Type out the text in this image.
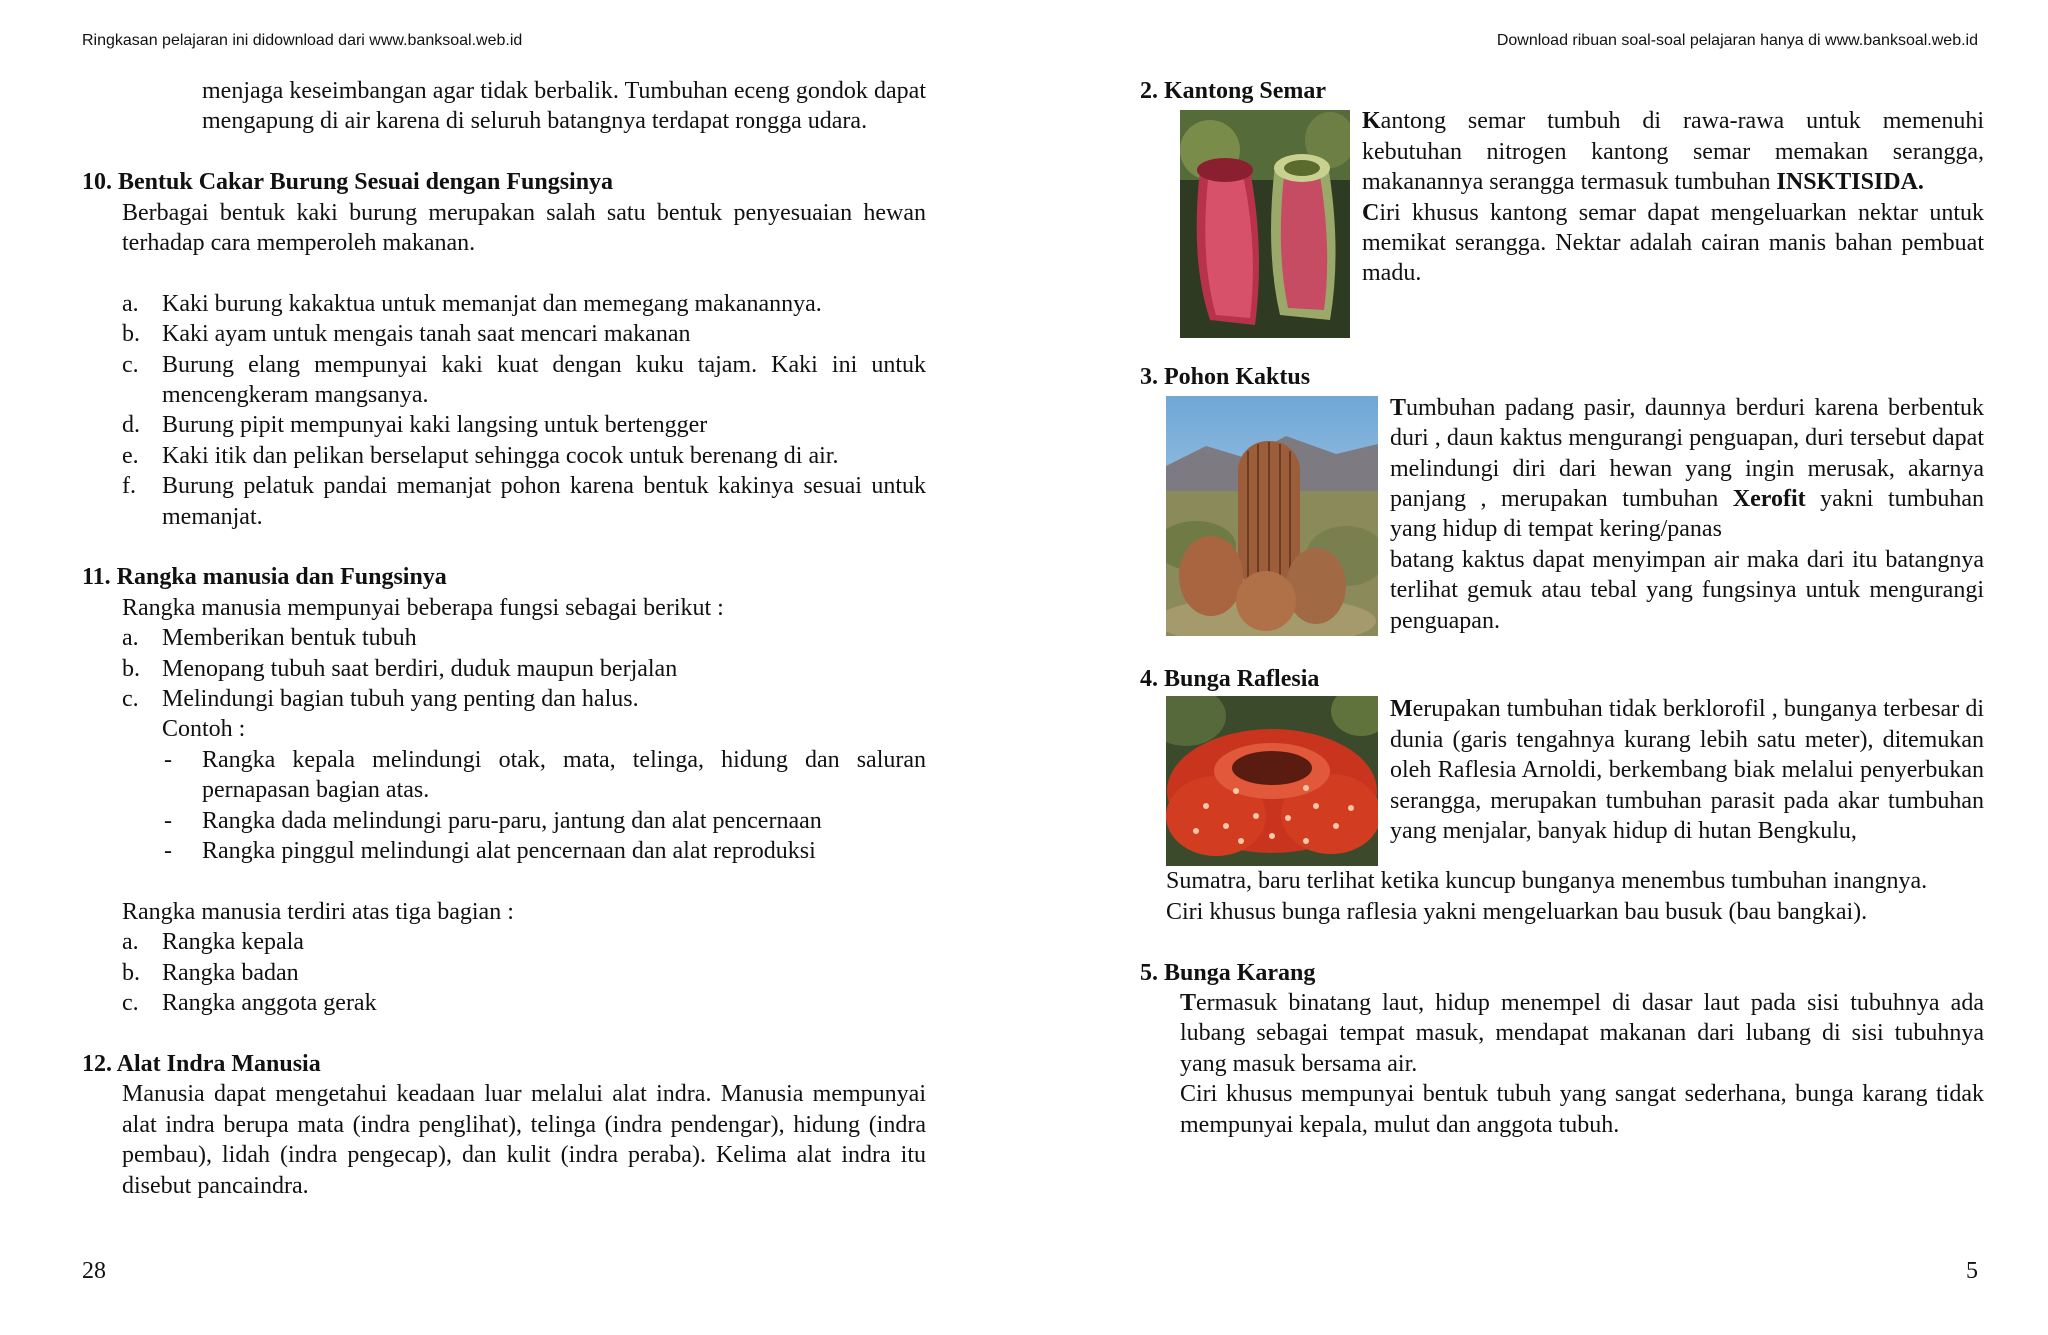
Ringkasan pelajaran ini didownload dari www.banksoal.web.id	Download ribuan soal-soal pelajaran hanya di www.banksoal.web.id

menjaga keseimbangan agar tidak berbalik. Tumbuhan eceng gondok dapat mengapung di air karena di seluruh batangnya terdapat rongga udara.

10. Bentuk Cakar Burung Sesuai dengan Fungsinya

Berbagai bentuk kaki burung merupakan salah satu bentuk penyesuaian hewan terhadap cara memperoleh makanan.

a. Kaki burung kakaktua untuk memanjat dan memegang makanannya.
b. Kaki ayam untuk mengais tanah saat mencari makanan
c. Burung elang mempunyai kaki kuat dengan kuku tajam. Kaki ini untuk mencengkeram mangsanya.
d. Burung pipit mempunyai kaki langsing untuk bertengger
e. Kaki itik dan pelikan berselaput sehingga cocok untuk berenang di air.
f. Burung pelatuk pandai memanjat pohon karena bentuk kakinya sesuai untuk memanjat.

11. Rangka manusia dan Fungsinya

Rangka manusia mempunyai beberapa fungsi sebagai berikut :

a. Memberikan bentuk tubuh
b. Menopang tubuh saat berdiri, duduk maupun berjalan
c. Melindungi bagian tubuh yang penting dan halus.

Contoh :

- Rangka kepala melindungi otak, mata, telinga, hidung dan saluran pernapasan bagian atas.
- Rangka dada melindungi paru-paru, jantung dan alat pencernaan
- Rangka pinggul melindungi alat pencernaan dan alat reproduksi

Rangka manusia terdiri atas tiga bagian :

a. Rangka kepala
b. Rangka badan
c. Rangka anggota gerak

12. Alat Indra Manusia

Manusia dapat mengetahui keadaan luar melalui alat indra. Manusia mempunyai alat indra berupa mata (indra penglihat), telinga (indra pendengar), hidung (indra pembau), lidah (indra pengecap), dan kulit (indra peraba). Kelima alat indra itu disebut pancaindra.

28

2. Kantong Semar

Kantong semar tumbuh di rawa-rawa untuk memenuhi kebutuhan nitrogen kantong semar memakan serangga, makanannya serangga termasuk tumbuhan INSKTISIDA.

Ciri khusus kantong semar dapat mengeluarkan nektar untuk memikat serangga. Nektar adalah cairan manis bahan pembuat madu.

3. Pohon Kaktus

Tumbuhan padang pasir, daunnya berduri karena berbentuk duri , daun kaktus mengurangi penguapan, duri tersebut dapat melindungi diri dari hewan yang ingin merusak, akarnya panjang , merupakan tumbuhan Xerofit yakni tumbuhan yang hidup di tempat kering/panas

batang kaktus dapat menyimpan air maka dari itu batangnya terlihat gemuk atau tebal yang fungsinya untuk mengurangi penguapan.

4. Bunga Raflesia

Merupakan tumbuhan tidak berklorofil , bunganya terbesar di dunia (garis tengahnya kurang lebih satu meter), ditemukan oleh Raflesia Arnoldi, berkembang biak melalui penyerbukan serangga, merupakan tumbuhan parasit pada akar tumbuhan yang menjalar, banyak hidup di hutan Bengkulu,

Sumatra, baru terlihat ketika kuncup bunganya menembus tumbuhan inangnya.

Ciri khusus bunga raflesia yakni mengeluarkan bau busuk (bau bangkai).

5. Bunga Karang

Termasuk binatang laut, hidup menempel di dasar laut pada sisi tubuhnya ada lubang sebagai tempat masuk, mendapat makanan dari lubang di sisi tubuhnya yang masuk bersama air.

Ciri khusus mempunyai bentuk tubuh yang sangat sederhana, bunga karang tidak mempunyai kepala, mulut dan anggota tubuh.

5
